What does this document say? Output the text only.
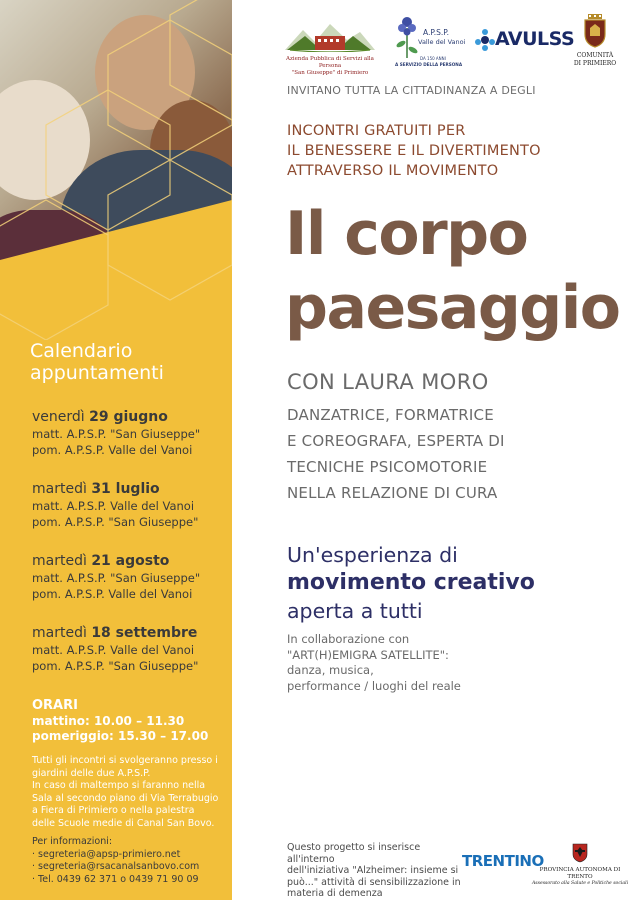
Calendario
appuntamenti
venerdì 29 giugno
matt. A.P.S.P. "San Giuseppe"
pom. A.P.S.P. Valle del Vanoi
martedì 31 luglio
matt. A.P.S.P. Valle del Vanoi
pom. A.P.S.P. "San Giuseppe"
martedì 21 agosto
matt. A.P.S.P. "San Giuseppe"
pom. A.P.S.P. Valle del Vanoi
martedì 18 settembre
matt. A.P.S.P. Valle del Vanoi
pom. A.P.S.P. "San Giuseppe"
ORARI
mattino: 10.00 – 11.30
pomeriggio: 15.30 – 17.00
Tutti gli incontri si svolgeranno presso i
giardini delle due A.P.S.P.
In caso di maltempo si faranno nella
Sala al secondo piano di Via Terrabugio
a Fiera di Primiero o nella palestra
delle Scuole medie di Canal San Bovo.
Per informazioni:
· segreteria@apsp-primiero.net
· segreteria@rsacanalsanbovo.com
· Tel. 0439 62 371 o 0439 71 90 09
Azienda Pubblica di Servizi alla Persona
"San Giuseppe" di Primiero
A.P.S.P.
Valle del Vanoi
DA 150 ANNI
A SERVIZIO DELLA PERSONA
AVULSS
COMUNITÀ
DI PRIMIERO
INVITANO TUTTA LA CITTADINANZA A DEGLI
INCONTRI GRATUITI PER
IL BENESSERE E IL DIVERTIMENTO
ATTRAVERSO IL MOVIMENTO
Il corpo
paesaggio
CON LAURA MORO
DANZATRICE, FORMATRICE
E COREOGRAFA, ESPERTA DI
TECNICHE PSICOMOTORIE
NELLA RELAZIONE DI CURA
Un'esperienza di
movimento creativo
aperta a tutti
In collaborazione con
"ART(H)EMIGRA SATELLITE":
danza, musica,
performance / luoghi del reale
Questo progetto si inserisce all'interno
dell'iniziativa "Alzheimer: insieme si
può..." attività di sensibilizzazione in
materia di demenza
TRENTINO
PROVINCIA AUTONOMA DI TRENTO
Assessorato alla Salute e Politiche sociali
